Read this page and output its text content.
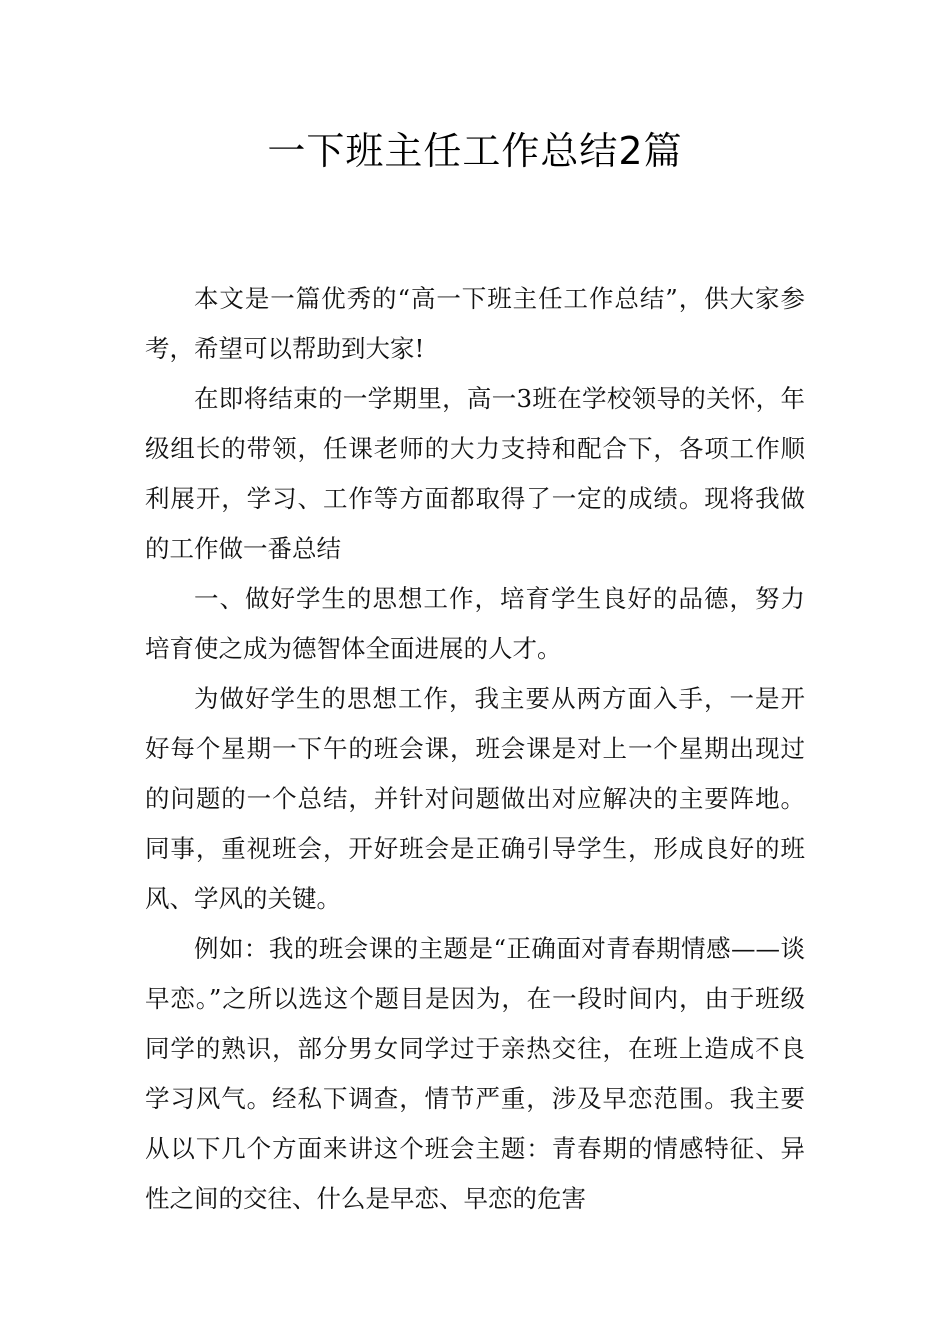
一下班主任工作总结2篇

本文是一篇优秀的“高一下班主任工作总结”，供大家参考，希望可以帮助到大家!

在即将结束的一学期里，高一3班在学校领导的关怀，年级组长的带领，任课老师的大力支持和配合下，各项工作顺利展开，学习、工作等方面都取得了一定的成绩。现将我做的工作做一番总结

一、做好学生的思想工作，培育学生良好的品德，努力培育使之成为德智体全面进展的人才。

为做好学生的思想工作，我主要从两方面入手，一是开好每个星期一下午的班会课，班会课是对上一个星期出现过的问题的一个总结，并针对问题做出对应解决的主要阵地。同事，重视班会，开好班会是正确引导学生，形成良好的班风、学风的关键。

例如：我的班会课的主题是“正确面对青春期情感——谈早恋。”之所以选这个题目是因为，在一段时间内，由于班级同学的熟识，部分男女同学过于亲热交往，在班上造成不良学习风气。经私下调查，情节严重，涉及早恋范围。我主要从以下几个方面来讲这个班会主题：青春期的情感特征、异性之间的交往、什么是早恋、早恋的危害
